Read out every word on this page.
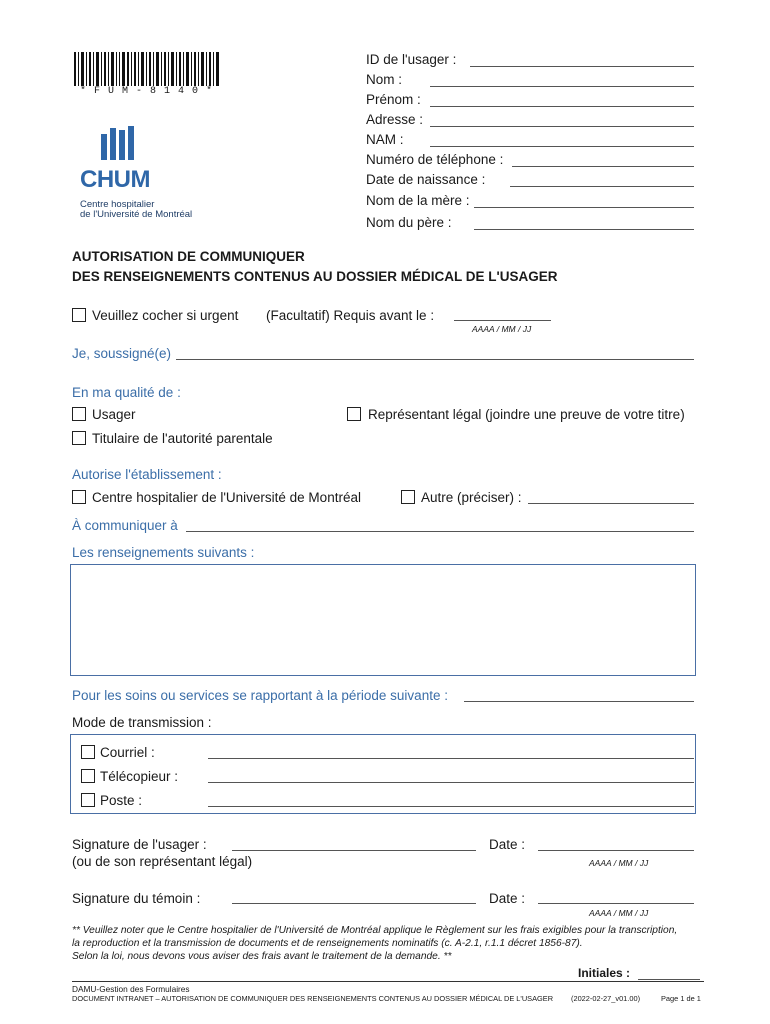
*FUM-8140*
CHUM
Centre hospitalier
de l'Université de Montréal
ID de l'usager :
Nom :
Prénom :
Adresse :
NAM :
Numéro de téléphone :
Date de naissance :
Nom de la mère :
Nom du père :
AUTORISATION DE COMMUNIQUER
DES RENSEIGNEMENTS CONTENUS AU DOSSIER MÉDICAL DE L'USAGER
Veuillez cocher si urgent (Facultatif) Requis avant le :
AAAA / MM / JJ
Je, soussigné(e)
En ma qualité de :
Usager	Représentant légal (joindre une preuve de votre titre)
Titulaire de l'autorité parentale
Autorise l'établissement :
Centre hospitalier de l'Université de Montréal	Autre (préciser) :
À communiquer à
Les renseignements suivants :
Pour les soins ou services se rapportant à la période suivante :
Mode de transmission :
Courriel :
Télécopieur :
Poste :
Signature de l'usager :
(ou de son représentant légal)
Date :
AAAA / MM / JJ
Signature du témoin :	Date :
AAAA / MM / JJ
** Veuillez noter que le Centre hospitalier de l'Université de Montréal applique le Règlement sur les frais exigibles pour la transcription,
la reproduction et la transmission de documents et de renseignements nominatifs (c. A-2.1, r.1.1 décret 1856-87).
Selon la loi, nous devons vous aviser des frais avant le traitement de la demande. **
Initiales :
DAMU-Gestion des Formulaires
DOCUMENT INTRANET – AUTORISATION DE COMMUNIQUER DES RENSEIGNEMENTS CONTENUS AU DOSSIER MÉDICAL DE L'USAGER (2022-02-27_v01.00)	Page 1 de 1
